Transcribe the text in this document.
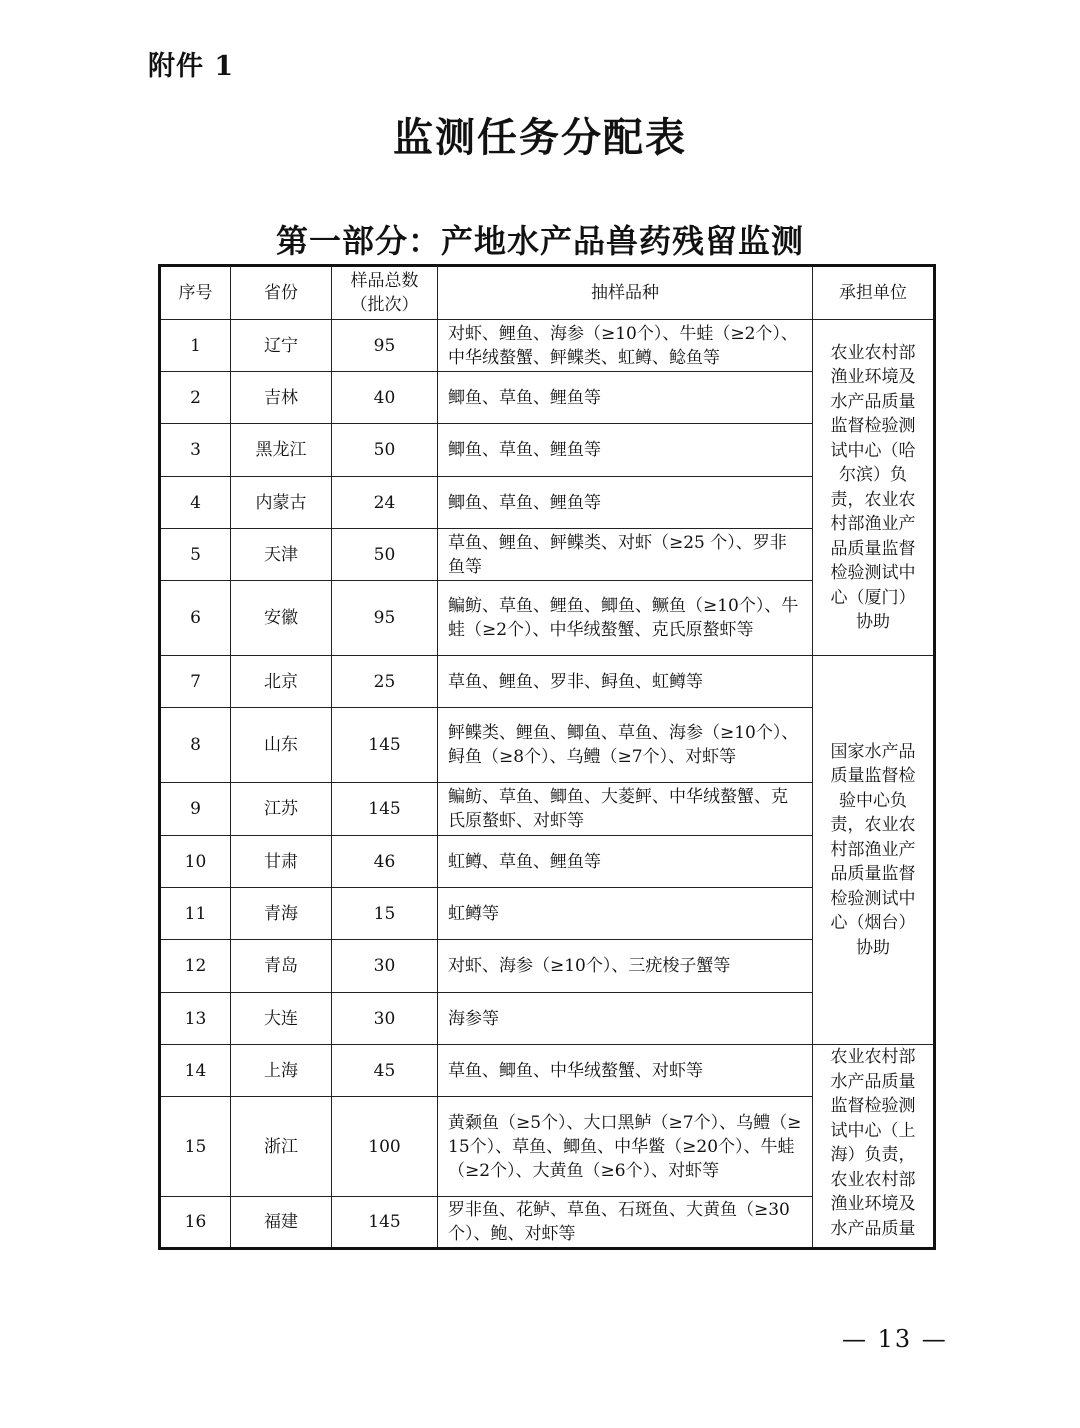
附件 1
监测任务分配表
第一部分：产地水产品兽药残留监测
序号	省份	样品总数（批次）	抽样品种	承担单位
1	辽宁	95	对虾、鲤鱼、海参（≥10个）、牛蛙（≥2个）、中华绒螯蟹、鲆鲽类、虹鳟、鲶鱼等	农业农村部渔业环境及水产品质量监督检验测试中心（哈尔滨）负责，农业农村部渔业产品质量监督检验测试中心（厦门）协助
2	吉林	40	鲫鱼、草鱼、鲤鱼等	
3	黑龙江	50	鲫鱼、草鱼、鲤鱼等	
4	内蒙古	24	鲫鱼、草鱼、鲤鱼等	
5	天津	50	草鱼、鲤鱼、鲆鲽类、对虾（≥25 个）、罗非鱼等	
6	安徽	95	鳊鲂、草鱼、鲤鱼、鲫鱼、鳜鱼（≥10个）、牛蛙（≥2个）、中华绒螯蟹、克氏原螯虾等	
7	北京	25	草鱼、鲤鱼、罗非、鲟鱼、虹鳟等	国家水产品质量监督检验中心负责，农业农村部渔业产品质量监督检验测试中心（烟台）协助
8	山东	145	鲆鲽类、鲤鱼、鲫鱼、草鱼、海参（≥10个）、鲟鱼（≥8个）、乌鳢（≥7个）、对虾等	
9	江苏	145	鳊鲂、草鱼、鲫鱼、大菱鲆、中华绒螯蟹、克氏原螯虾、对虾等	
10	甘肃	46	虹鳟、草鱼、鲤鱼等	
11	青海	15	虹鳟等	
12	青岛	30	对虾、海参（≥10个）、三疣梭子蟹等	
13	大连	30	海参等	
14	上海	45	草鱼、鲫鱼、中华绒螯蟹、对虾等	农业农村部水产品质量监督检验测试中心（上海）负责，农业农村部渔业环境及水产品质量
15	浙江	100	黄颡鱼（≥5个）、大口黑鲈（≥7个）、乌鳢（≥15个）、草鱼、鲫鱼、中华鳖（≥20个）、牛蛙（≥2个）、大黄鱼（≥6个）、对虾等	
16	福建	145	罗非鱼、花鲈、草鱼、石斑鱼、大黄鱼（≥30个）、鲍、对虾等	
— 13 —
